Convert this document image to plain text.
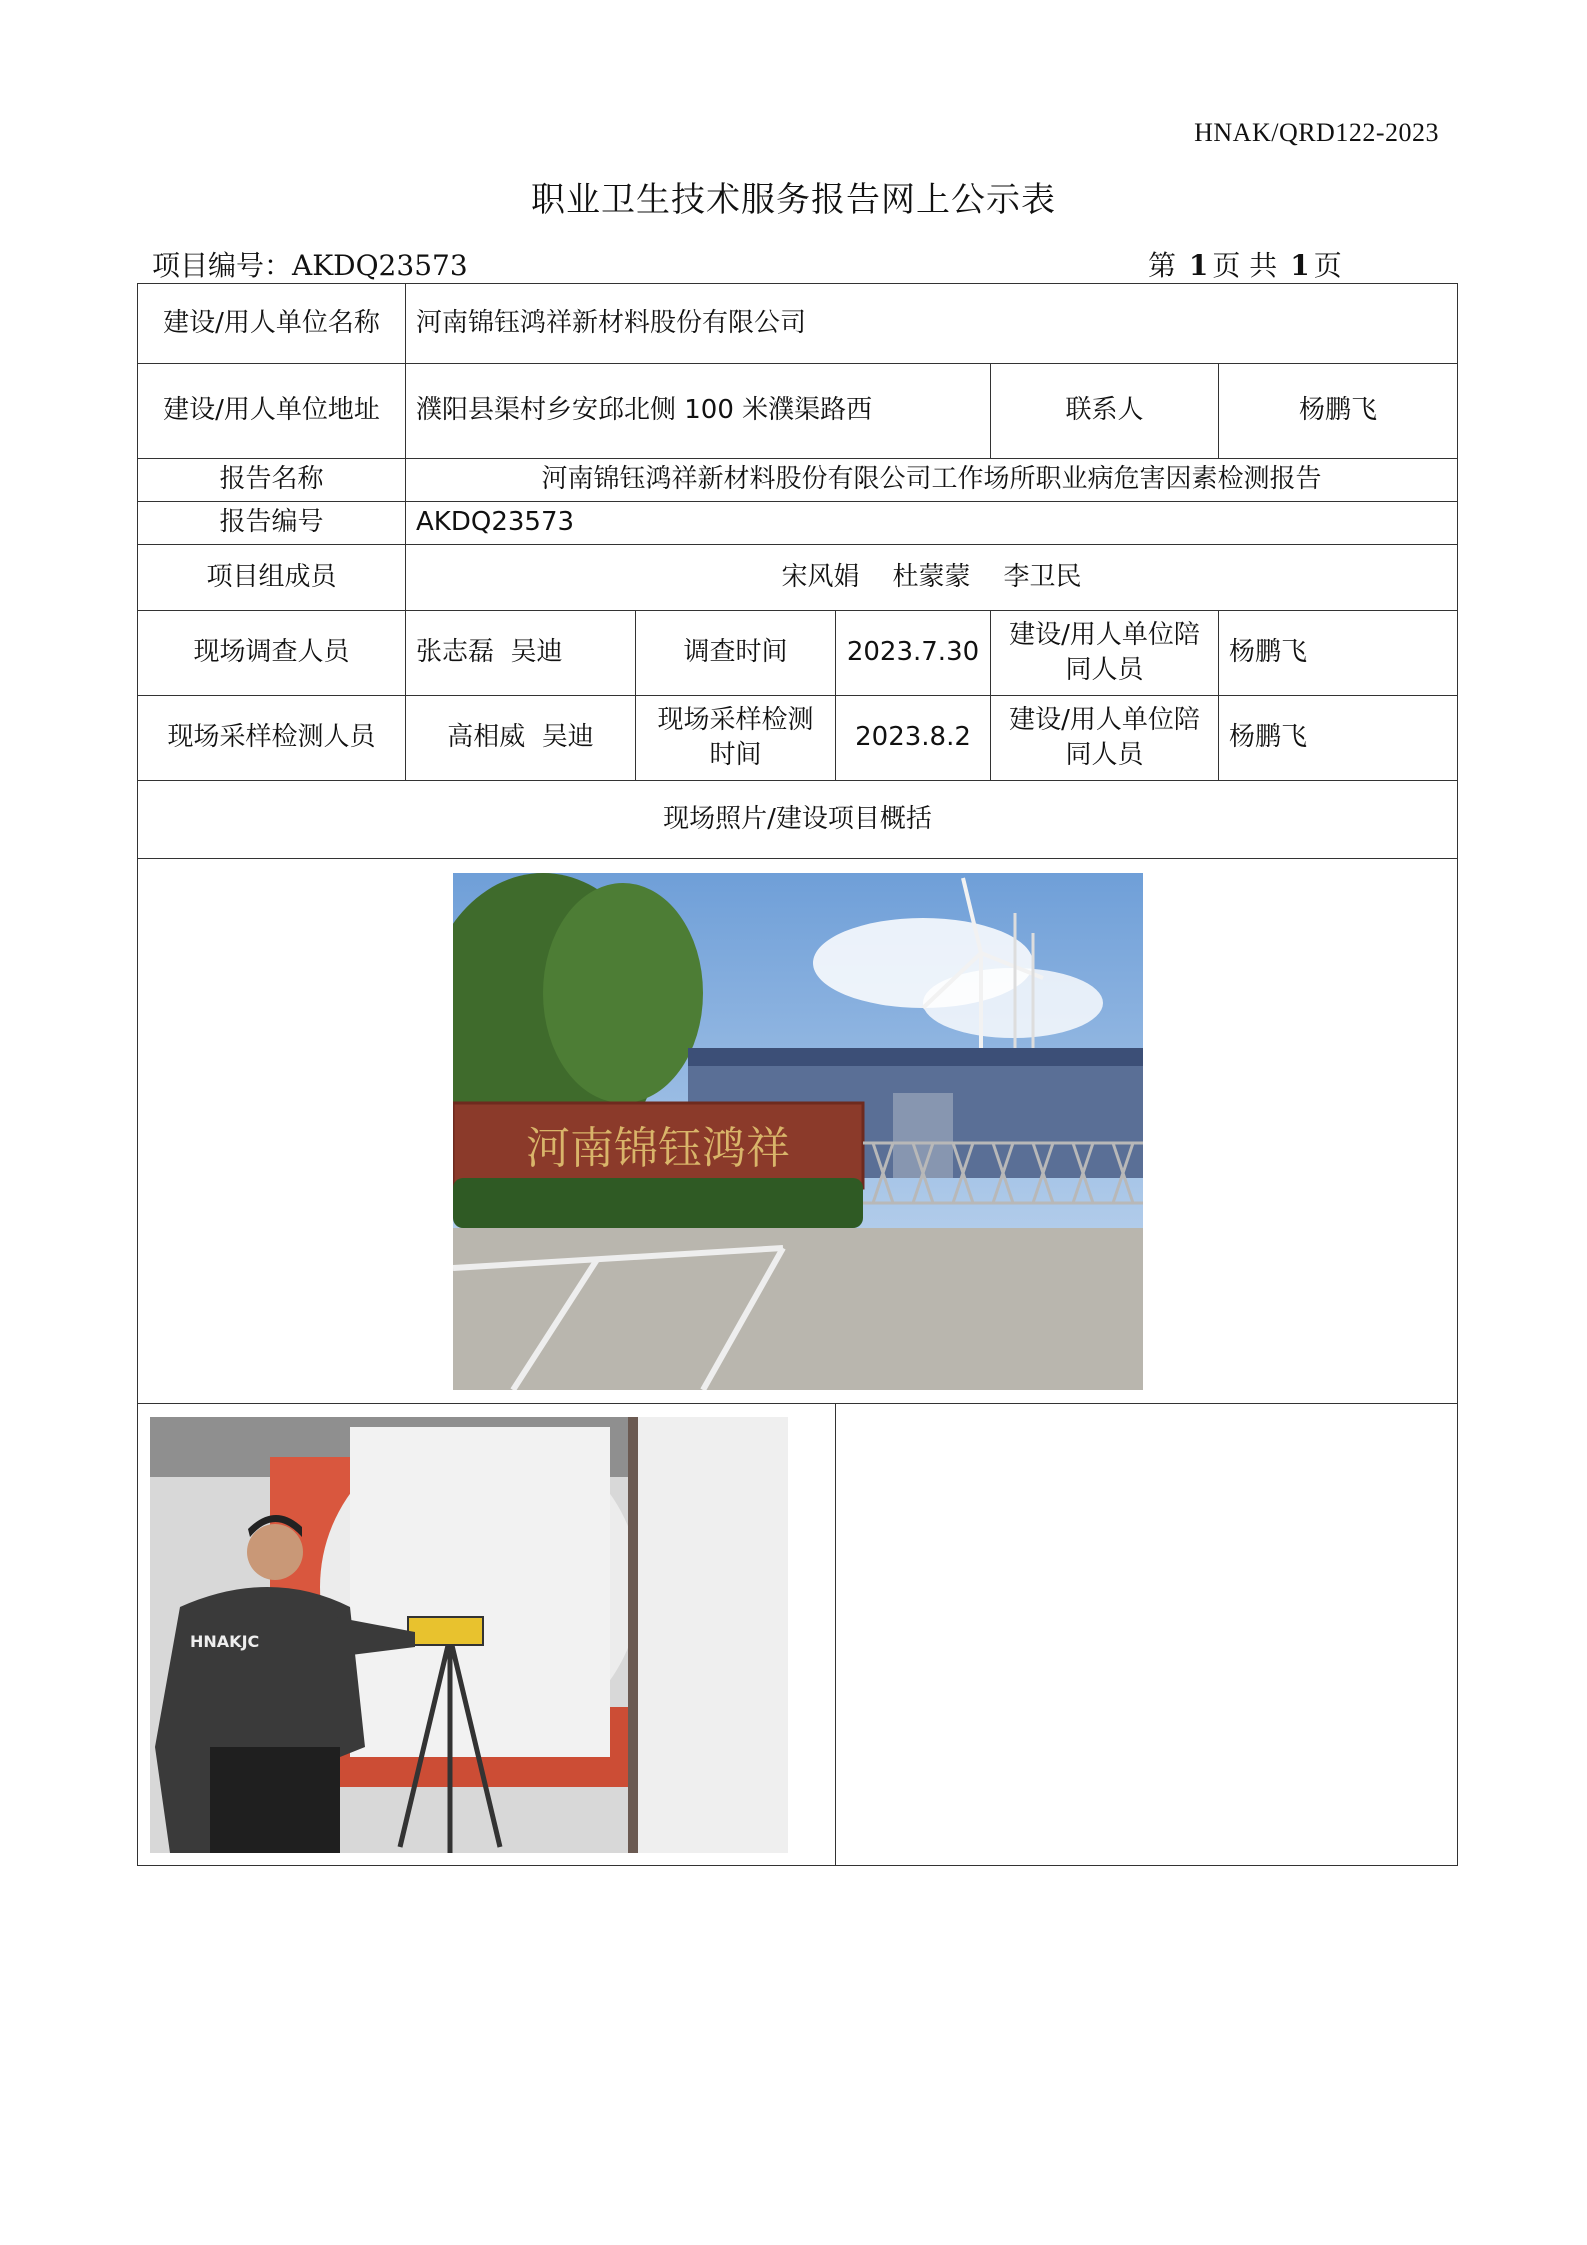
HNAK/QRD122-2023
职业卫生技术服务报告网上公示表
项目编号：AKDQ23573	第 1 页 共 1 页
建设/用人单位名称	河南锦钰鸿祥新材料股份有限公司				
建设/用人单位地址	濮阳县渠村乡安邱北侧 100 米濮渠路西			联系人	杨鹏飞
报告名称	河南锦钰鸿祥新材料股份有限公司工作场所职业病危害因素检测报告				
报告编号	AKDQ23573				
项目组成员	宋风娟    杜蒙蒙    李卫民				
现场调查人员	张志磊  吴迪	调查时间	2023.7.30	建设/用人单位陪同人员	杨鹏飞
现场采样检测人员	高相威  吴迪	现场采样检测时间	2023.8.2	建设/用人单位陪同人员	杨鹏飞
现场照片/建设项目概括					

河南锦钰鸿祥					

HNAKJC					
